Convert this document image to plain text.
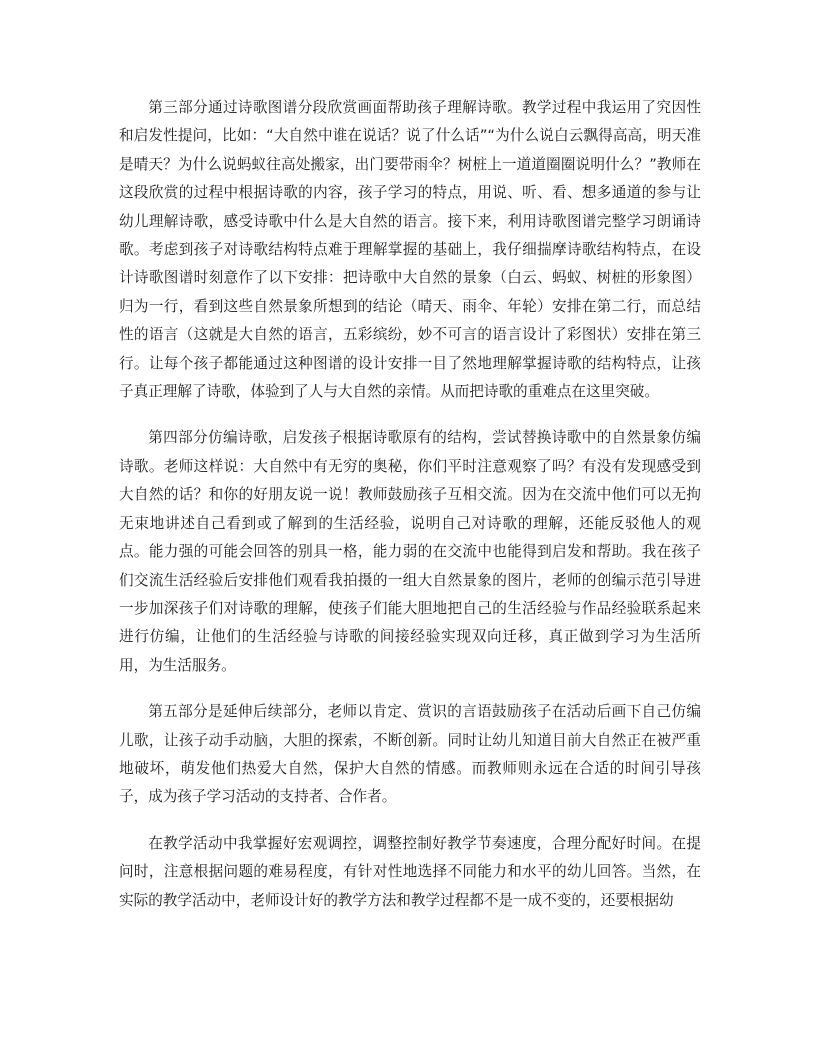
第三部分通过诗歌图谱分段欣赏画面帮助孩子理解诗歌。教学过程中我运用了究因性和启发性提问，比如：“大自然中谁在说话？说了什么话”“为什么说白云飘得高高，明天准是晴天？为什么说蚂蚁往高处搬家，出门要带雨伞？树桩上一道道圈圈说明什么？”教师在这段欣赏的过程中根据诗歌的内容，孩子学习的特点，用说、听、看、想多通道的参与让幼儿理解诗歌，感受诗歌中什么是大自然的语言。接下来，利用诗歌图谱完整学习朗诵诗歌。考虑到孩子对诗歌结构特点难于理解掌握的基础上，我仔细揣摩诗歌结构特点，在设计诗歌图谱时刻意作了以下安排：把诗歌中大自然的景象（白云、蚂蚁、树桩的形象图）归为一行，看到这些自然景象所想到的结论（晴天、雨伞、年轮）安排在第二行，而总结性的语言（这就是大自然的语言，五彩缤纷，妙不可言的语言设计了彩图状）安排在第三行。让每个孩子都能通过这种图谱的设计安排一目了然地理解掌握诗歌的结构特点，让孩子真正理解了诗歌，体验到了人与大自然的亲情。从而把诗歌的重难点在这里突破。

第四部分仿编诗歌，启发孩子根据诗歌原有的结构，尝试替换诗歌中的自然景象仿编诗歌。老师这样说：大自然中有无穷的奥秘，你们平时注意观察了吗？有没有发现感受到大自然的话？和你的好朋友说一说！教师鼓励孩子互相交流。因为在交流中他们可以无拘无束地讲述自己看到或了解到的生活经验，说明自己对诗歌的理解，还能反驳他人的观点。能力强的可能会回答的别具一格，能力弱的在交流中也能得到启发和帮助。我在孩子们交流生活经验后安排他们观看我拍摄的一组大自然景象的图片，老师的创编示范引导进一步加深孩子们对诗歌的理解，使孩子们能大胆地把自己的生活经验与作品经验联系起来进行仿编，让他们的生活经验与诗歌的间接经验实现双向迁移，真正做到学习为生活所用，为生活服务。

第五部分是延伸后续部分，老师以肯定、赏识的言语鼓励孩子在活动后画下自己仿编儿歌，让孩子动手动脑，大胆的探索，不断创新。同时让幼儿知道目前大自然正在被严重地破坏，萌发他们热爱大自然，保护大自然的情感。而教师则永远在合适的时间引导孩子，成为孩子学习活动的支持者、合作者。

在教学活动中我掌握好宏观调控，调整控制好教学节奏速度，合理分配好时间。在提问时，注意根据问题的难易程度，有针对性地选择不同能力和水平的幼儿回答。当然，在实际的教学活动中，老师设计好的教学方法和教学过程都不是一成不变的，还要根据幼
